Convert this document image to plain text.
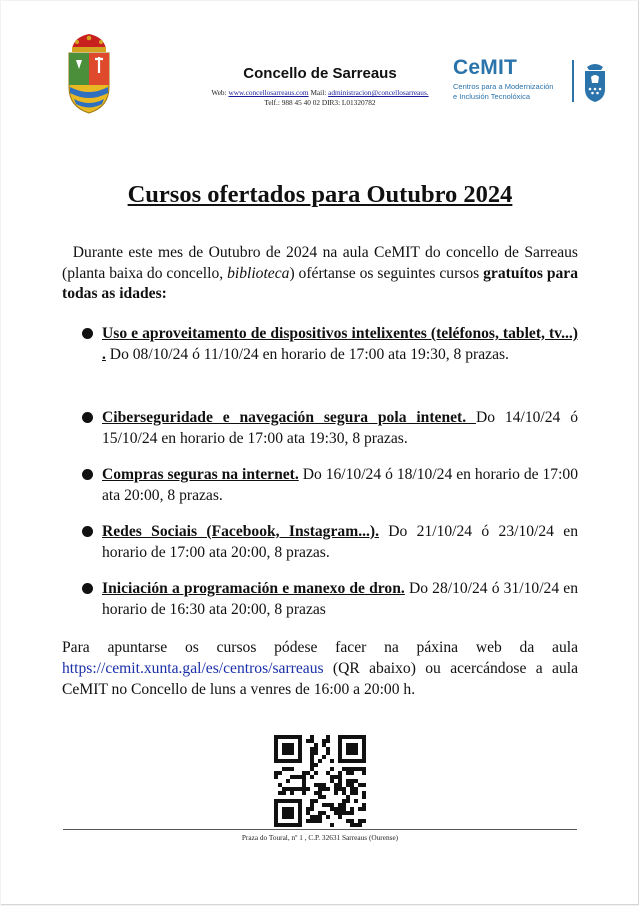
Concello de Sarreaus
Web: www.concellosarreaus.com Mail: administracion@concellosarreaus.
Telf.: 988 45 40 02 DIR3: L01320782
CeMIT
Centros para a Modernización
e Inclusión Tecnolóxica
Cursos ofertados para Outubro 2024

Durante este mes de Outubro de 2024 na aula CeMIT do concello de Sarreaus (planta baixa do concello, biblioteca) ofértanse os seguintes cursos gratuítos para todas as idades:

Uso e aproveitamento de dispositivos intelixentes (teléfonos, tablet, tv...) . Do 08/10/24 ó 11/10/24 en horario de 17:00 ata 19:30, 8 prazas.
Ciberseguridade e navegación segura pola intenet. Do 14/10/24 ó 15/10/24 en horario de 17:00 ata 19:30, 8 prazas.
Compras seguras na internet. Do 16/10/24 ó 18/10/24 en horario de 17:00 ata 20:00, 8 prazas.
Redes Sociais (Facebook, Instagram...). Do 21/10/24 ó 23/10/24 en horario de 17:00 ata 20:00, 8 prazas.
Iniciación a programación e manexo de dron. Do 28/10/24 ó 31/10/24 en horario de 16:30 ata 20:00, 8 prazas

Para apuntarse os cursos pódese facer na páxina web da aula https://cemit.xunta.gal/es/centros/sarreaus (QR abaixo) ou acercándose a aula CeMIT no Concello de luns a venres de 16:00 a 20:00 h.

Praza do Toural, nº 1 , C.P. 32631 Sarreaus (Ourense)
